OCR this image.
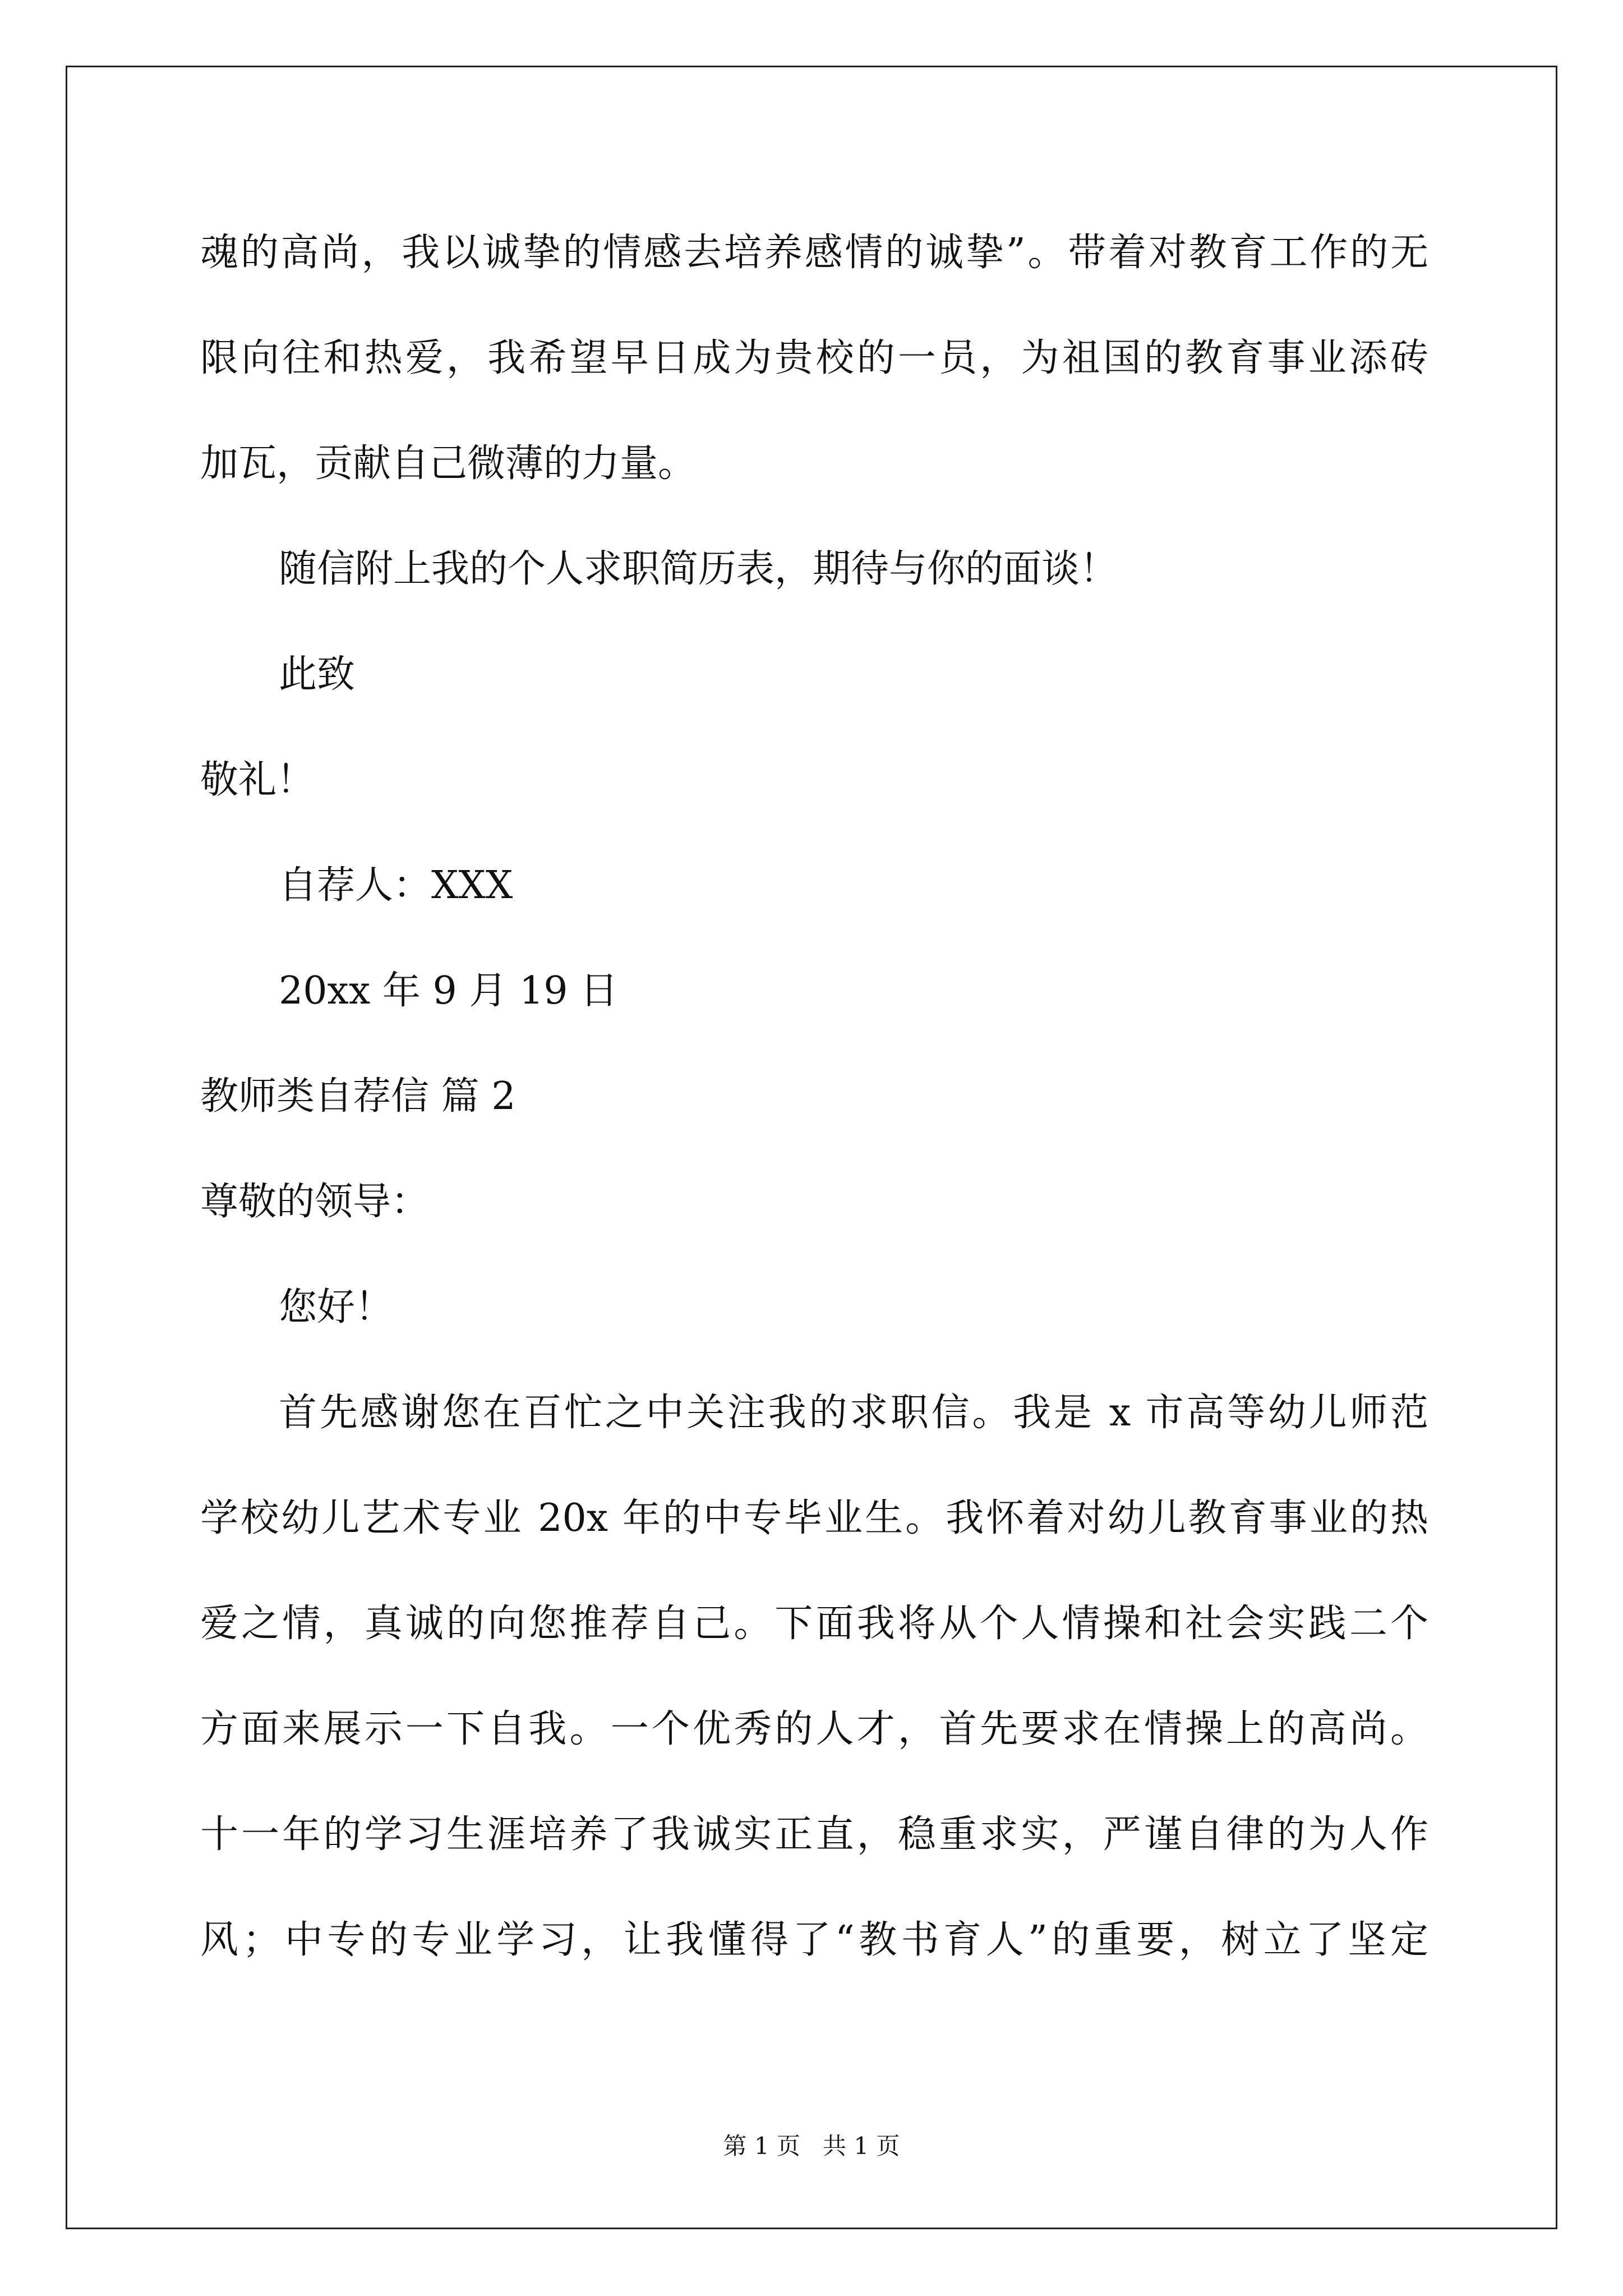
魂的高尚，我以诚挚的情感去培养感情的诚挚”。带着对教育工作的无
限向往和热爱，我希望早日成为贵校的一员，为祖国的教育事业添砖
加瓦，贡献自己微薄的力量。
随信附上我的个人求职简历表，期待与你的面谈！
此致
敬礼！
自荐人：XXX
20xx 年 9 月 19 日
教师类自荐信 篇 2
尊敬的领导：
您好！
首先感谢您在百忙之中关注我的求职信。我是 x 市高等幼儿师范
学校幼儿艺术专业 20x 年的中专毕业生。我怀着对幼儿教育事业的热
爱之情，真诚的向您推荐自己。下面我将从个人情操和社会实践二个
方面来展示一下自我。一个优秀的人才，首先要求在情操上的高尚。
十一年的学习生涯培养了我诚实正直，稳重求实，严谨自律的为人作
风；中专的专业学习，让我懂得了“教书育人”的重要，树立了坚定
第 1 页   共 1 页
